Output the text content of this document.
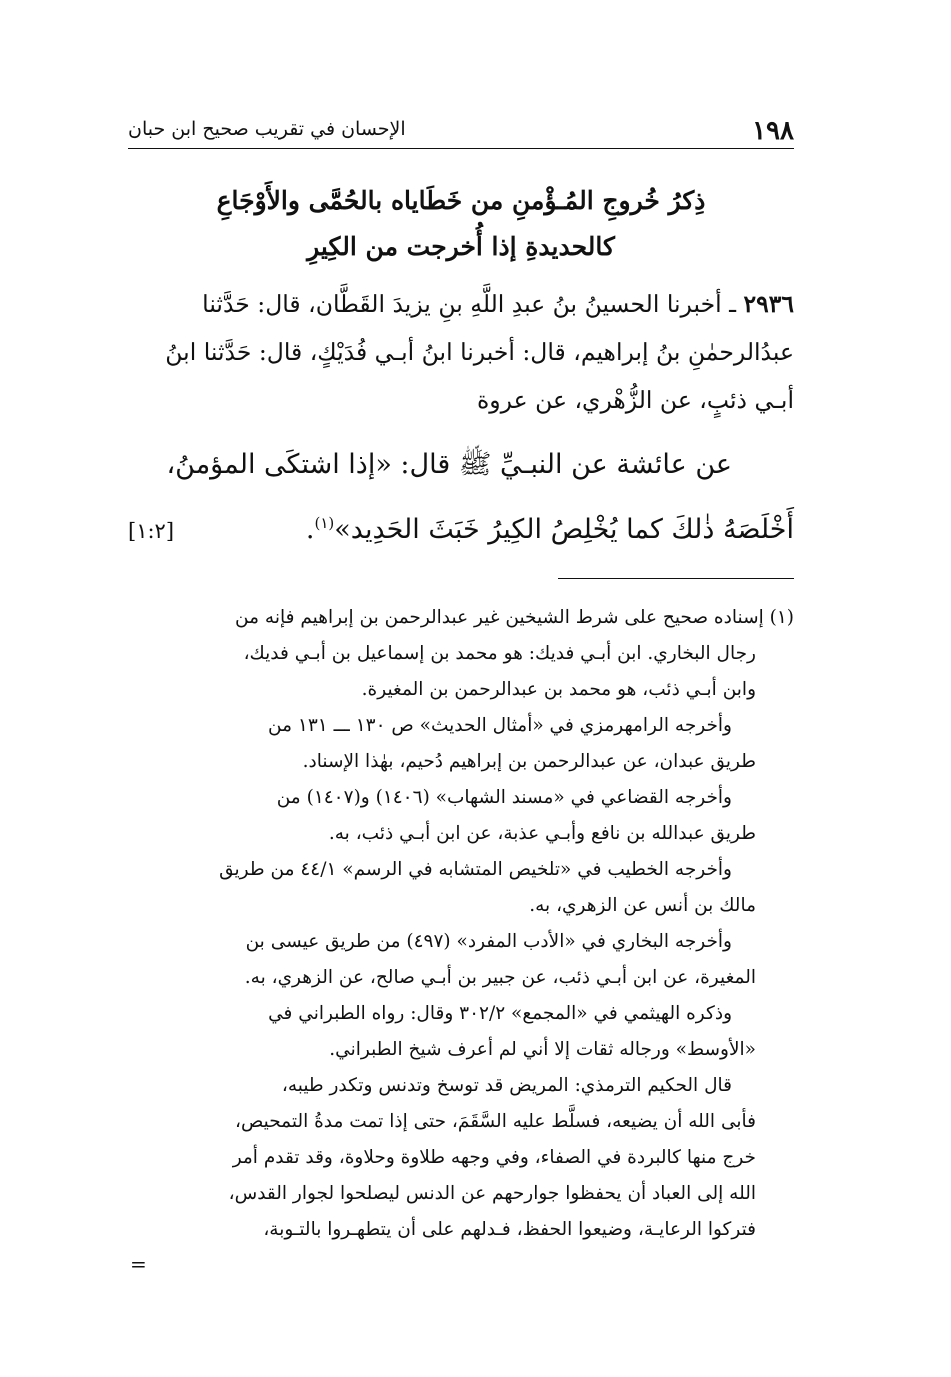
١٩٨
الإحسان في تقريب صحيح ابن حبان
ذِكرُ خُروجِ المُـؤْمنِ من خَطَاياه بالحُمَّى والأَوْجَاعِ
كالحديدةِ إذا أُخرجت من الكِيرِ

٢٩٣٦ ـ أخبرنا الحسينُ بنُ عبدِ اللَّهِ بنِ يزيدَ القَطَّان، قال: حَدَّثنا
عبدُالرحمٰنِ بنُ إبراهيم، قال: أخبرنا ابنُ أبـي فُدَيْكٍ، قال: حَدَّثنا ابنُ
أبـي ذئبٍ، عن الزُّهْري، عن عروة

عن عائشة عن النبـيِّ ﷺ قال: «إذا اشتكَى المؤمنُ،
أَخْلَصَهُ ذٰلكَ كما يُخْلِصُ الكِيرُ خَبَثَ الحَدِيد»$^{(١)}$.
[١:٢]
(١) إسناده صحيح على شرط الشيخين غير عبدالرحمن بن إبراهيم فإنه من
رجال البخاري. ابن أبـي فديك: هو محمد بن إسماعيل بن أبـي فديك،
وابن أبـي ذئب، هو محمد بن عبدالرحمن بن المغيرة.
وأخرجه الرامهرمزي في «أمثال الحديث» ص ١٣٠ ـــ ١٣١ من
طريق عبدان، عن عبدالرحمن بن إبراهيم دُحيم، بهٰذا الإسناد.
وأخرجه القضاعي في «مسند الشهاب» (١٤٠٦) و(١٤٠٧) من
طريق عبدالله بن نافع وأبـي عذبة، عن ابن أبـي ذئب، به.
وأخرجه الخطيب في «تلخيص المتشابه في الرسم» ٤٤/١ من طريق
مالك بن أنس عن الزهري، به.
وأخرجه البخاري في «الأدب المفرد» (٤٩٧) من طريق عيسى بن
المغيرة، عن ابن أبـي ذئب، عن جبير بن أبـي صالح، عن الزهري، به.
وذكره الهيثمي في «المجمع» ٣٠٢/٢ وقال: رواه الطبراني في
«الأوسط» ورجاله ثقات إلا أني لم أعرف شيخ الطبراني.
قال الحكيم الترمذي: المريض قد توسخ وتدنس وتكدر طيبه،
فأبى الله أن يضيعه، فسلَّط عليه السَّقَمَ، حتى إذا تمت مدةُ التمحيص،
خرج منها كالبردة في الصفاء، وفي وجهه طلاوة وحلاوة، وقد تقدم أمر
الله إلى العباد أن يحفظوا جوارحهم عن الدنس ليصلحوا لجوار القدس،
فتركوا الرعايـة، وضيعوا الحفظ، فـدلهم على أن يتطهـروا بالتـوبة،
=
